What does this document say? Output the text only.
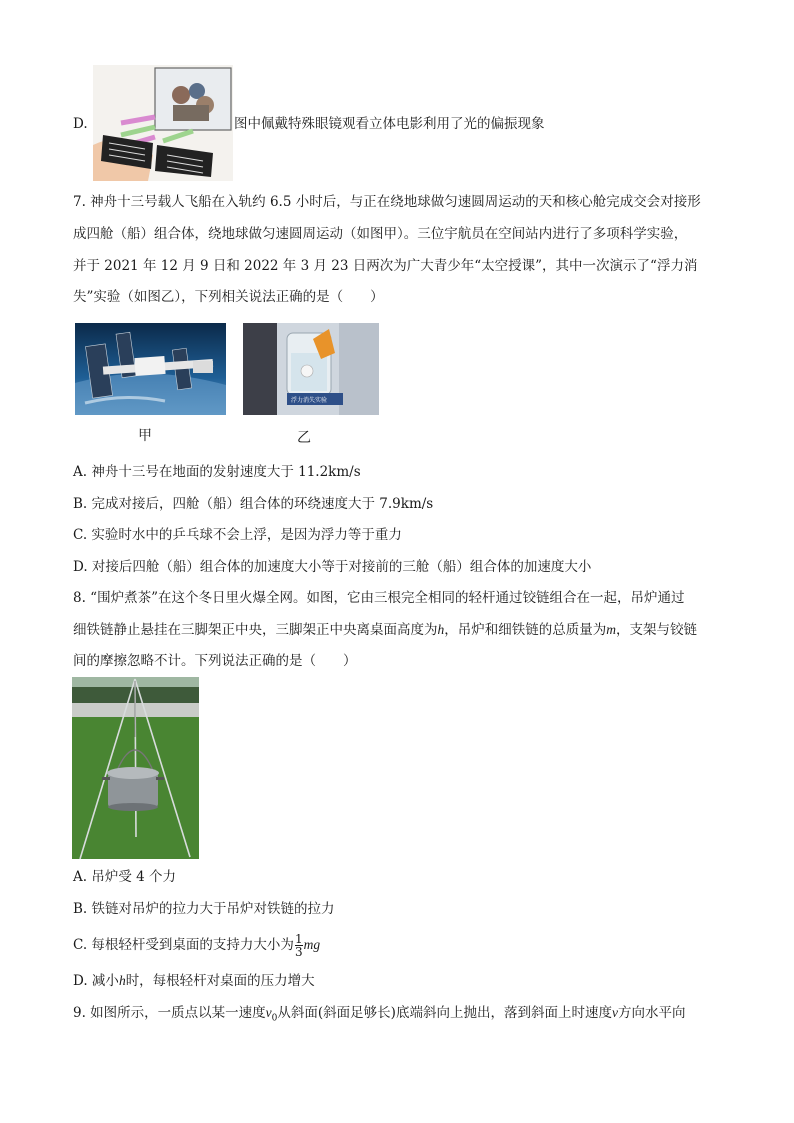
D.	图中佩戴特殊眼镜观看立体电影利用了光的偏振现象
7. 神舟十三号载人飞船在入轨约 6.5 小时后，与正在绕地球做匀速圆周运动的天和核心舱完成交会对接形
成四舱（船）组合体，绕地球做匀速圆周运动（如图甲）。三位宇航员在空间站内进行了多项科学实验，
并于 2021 年 12 月 9 日和 2022 年 3 月 23 日两次为广大青少年“太空授课”，其中一次演示了“浮力消
失”实验（如图乙），下列相关说法正确的是（　　）
浮力消失实验
甲	乙
A. 神舟十三号在地面的发射速度大于 11.2km/s
B. 完成对接后，四舱（船）组合体的环绕速度大于 7.9km/s
C. 实验时水中的乒乓球不会上浮，是因为浮力等于重力
D. 对接后四舱（船）组合体的加速度大小等于对接前的三舱（船）组合体的加速度大小
8. “围炉煮茶”在这个冬日里火爆全网。如图，它由三根完全相同的轻杆通过铰链组合在一起，吊炉通过
细铁链静止悬挂在三脚架正中央，三脚架正中央离桌面高度为h，吊炉和细铁链的总质量为m，支架与铰链
间的摩擦忽略不计。下列说法正确的是（　　）
A. 吊炉受 4 个力
B. 铁链对吊炉的拉力大于吊炉对铁链的拉力
C. 每根轻杆受到桌面的支持力大小为 $\frac{1}{3}$ mg
D. 减小h时，每根轻杆对桌面的压力增大
9. 如图所示，一质点以某一速度$v_0$从斜面(斜面足够长)底端斜向上抛出，落到斜面上时速度v方向水平向
